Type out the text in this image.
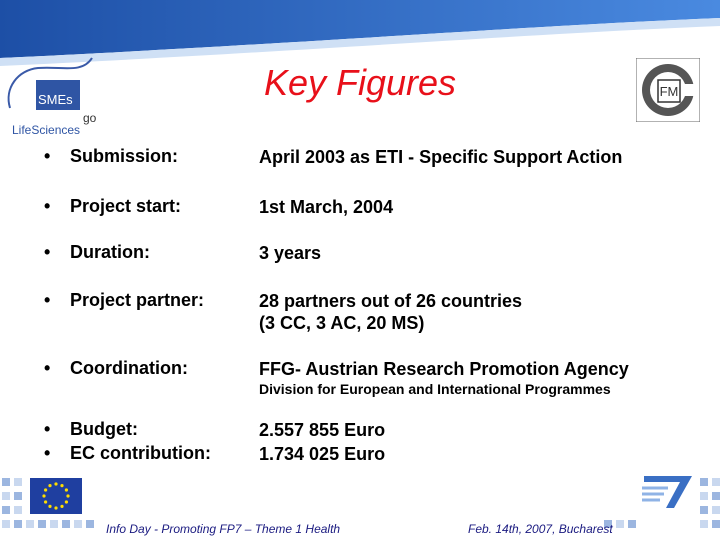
SMEs
go
LifeSciences
FM
Key Figures
• Submission:	April 2003 as ETI - Specific Support Action
• Project start:	1st March, 2004
• Duration:	3 years
• Project partner:	28 partners out of 26 countries
(3 CC, 3 AC, 20 MS)
• Coordination:	FFG- Austrian Research Promotion Agency
Division for European and International Programmes
• Budget:	2.557 855 Euro
• EC contribution:	1.734 025 Euro
Info Day - Promoting FP7 – Theme 1 Health	Feb. 14th, 2007, Bucharest
